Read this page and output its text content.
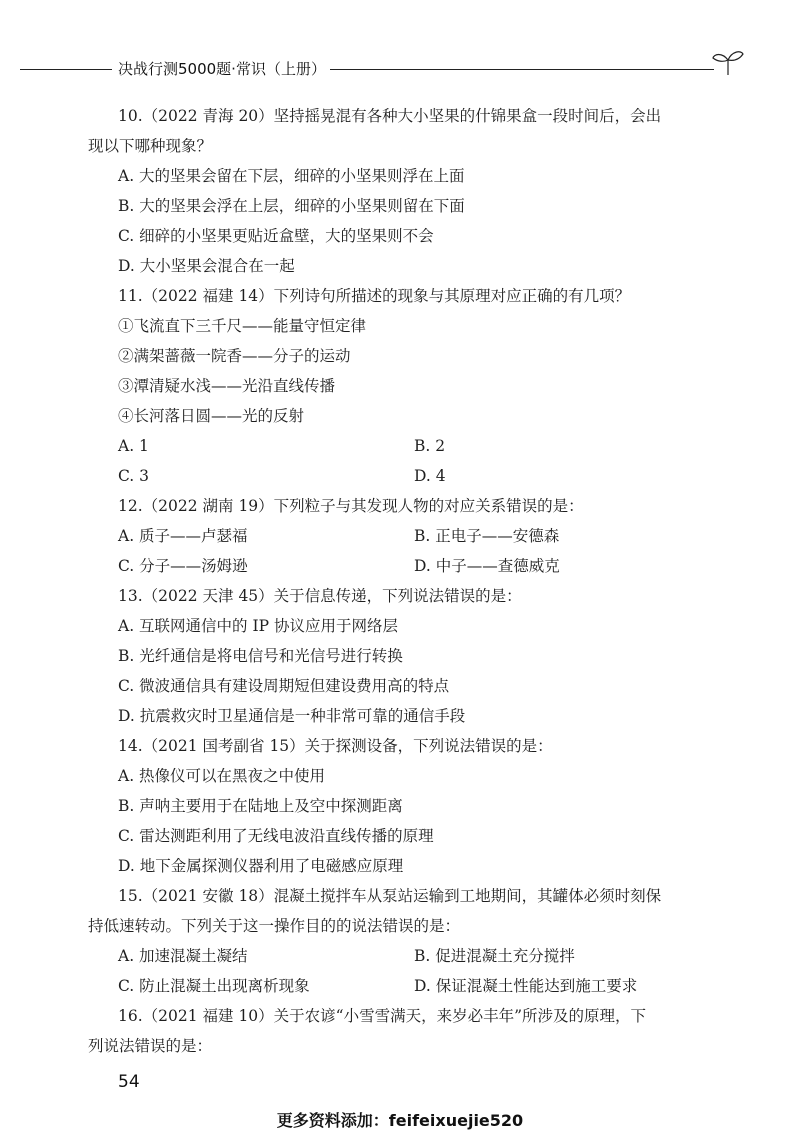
决战行测5000题·常识（上册）
10.（2022 青海 20）坚持摇晃混有各种大小坚果的什锦果盒一段时间后，会出
现以下哪种现象？
A. 大的坚果会留在下层，细碎的小坚果则浮在上面
B. 大的坚果会浮在上层，细碎的小坚果则留在下面
C. 细碎的小坚果更贴近盒壁，大的坚果则不会
D. 大小坚果会混合在一起
11.（2022 福建 14）下列诗句所描述的现象与其原理对应正确的有几项？
①飞流直下三千尺——能量守恒定律
②满架蔷薇一院香——分子的运动
③潭清疑水浅——光沿直线传播
④长河落日圆——光的反射
A. 1	B. 2
C. 3	D. 4
12.（2022 湖南 19）下列粒子与其发现人物的对应关系错误的是：
A. 质子——卢瑟福	B. 正电子——安德森
C. 分子——汤姆逊	D. 中子——查德威克
13.（2022 天津 45）关于信息传递，下列说法错误的是：
A. 互联网通信中的 IP 协议应用于网络层
B. 光纤通信是将电信号和光信号进行转换
C. 微波通信具有建设周期短但建设费用高的特点
D. 抗震救灾时卫星通信是一种非常可靠的通信手段
14.（2021 国考副省 15）关于探测设备，下列说法错误的是：
A. 热像仪可以在黑夜之中使用
B. 声呐主要用于在陆地上及空中探测距离
C. 雷达测距利用了无线电波沿直线传播的原理
D. 地下金属探测仪器利用了电磁感应原理
15.（2021 安徽 18）混凝土搅拌车从泵站运输到工地期间，其罐体必须时刻保
持低速转动。下列关于这一操作目的的说法错误的是：
A. 加速混凝土凝结	B. 促进混凝土充分搅拌
C. 防止混凝土出现离析现象	D. 保证混凝土性能达到施工要求
16.（2021 福建 10）关于农谚“小雪雪满天，来岁必丰年”所涉及的原理，下
列说法错误的是：
54
更多资料添加：feifeixuejie520
